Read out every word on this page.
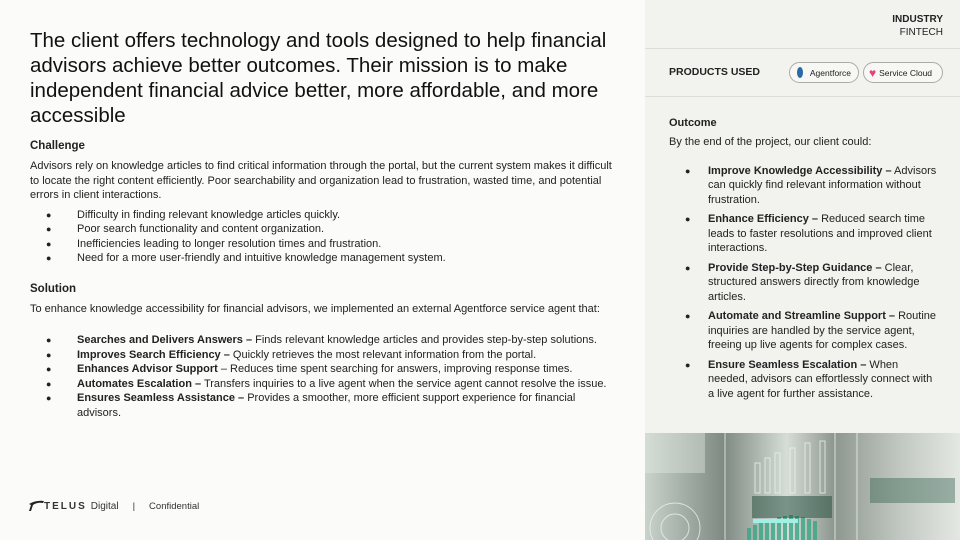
The client offers technology and tools designed to help financial advisors achieve better outcomes. Their mission is to make independent financial advice better, more affordable, and more accessible
Challenge

Advisors rely on knowledge articles to find critical information through the portal, but the current system makes it difficult to locate the right content efficiently. Poor searchability and organization lead to frustration, wasted time, and potential errors in client interactions.

● Difficulty in finding relevant knowledge articles quickly.
● Poor search functionality and content organization.
● Inefficiencies leading to longer resolution times and frustration.
● Need for a more user-friendly and intuitive knowledge management system.
Solution

To enhance knowledge accessibility for financial advisors, we implemented an external Agentforce service agent that:

● Searches and Delivers Answers – Finds relevant knowledge articles and provides step-by-step solutions.
● Improves Search Efficiency – Quickly retrieves the most relevant information from the portal.
● Enhances Advisor Support – Reduces time spent searching for answers, improving response times.
● Automates Escalation – Transfers inquiries to a live agent when the service agent cannot resolve the issue.
● Ensures Seamless Assistance – Provides a smoother, more efficient support experience for financial advisors.
TELUS Digital | Confidential
INDUSTRY
FINTECH
PRODUCTS USED	Agentforce ♥ Service Cloud
Outcome

By the end of the project, our client could:

● Improve Knowledge Accessibility – Advisors can quickly find relevant information without frustration.
● Enhance Efficiency – Reduced search time leads to faster resolutions and improved client interactions.
● Provide Step-by-Step Guidance – Clear, structured answers directly from knowledge articles.
● Automate and Streamline Support – Routine inquiries are handled by the service agent, freeing up live agents for complex cases.
● Ensure Seamless Escalation – When needed, advisors can effortlessly connect with a live agent for further assistance.
